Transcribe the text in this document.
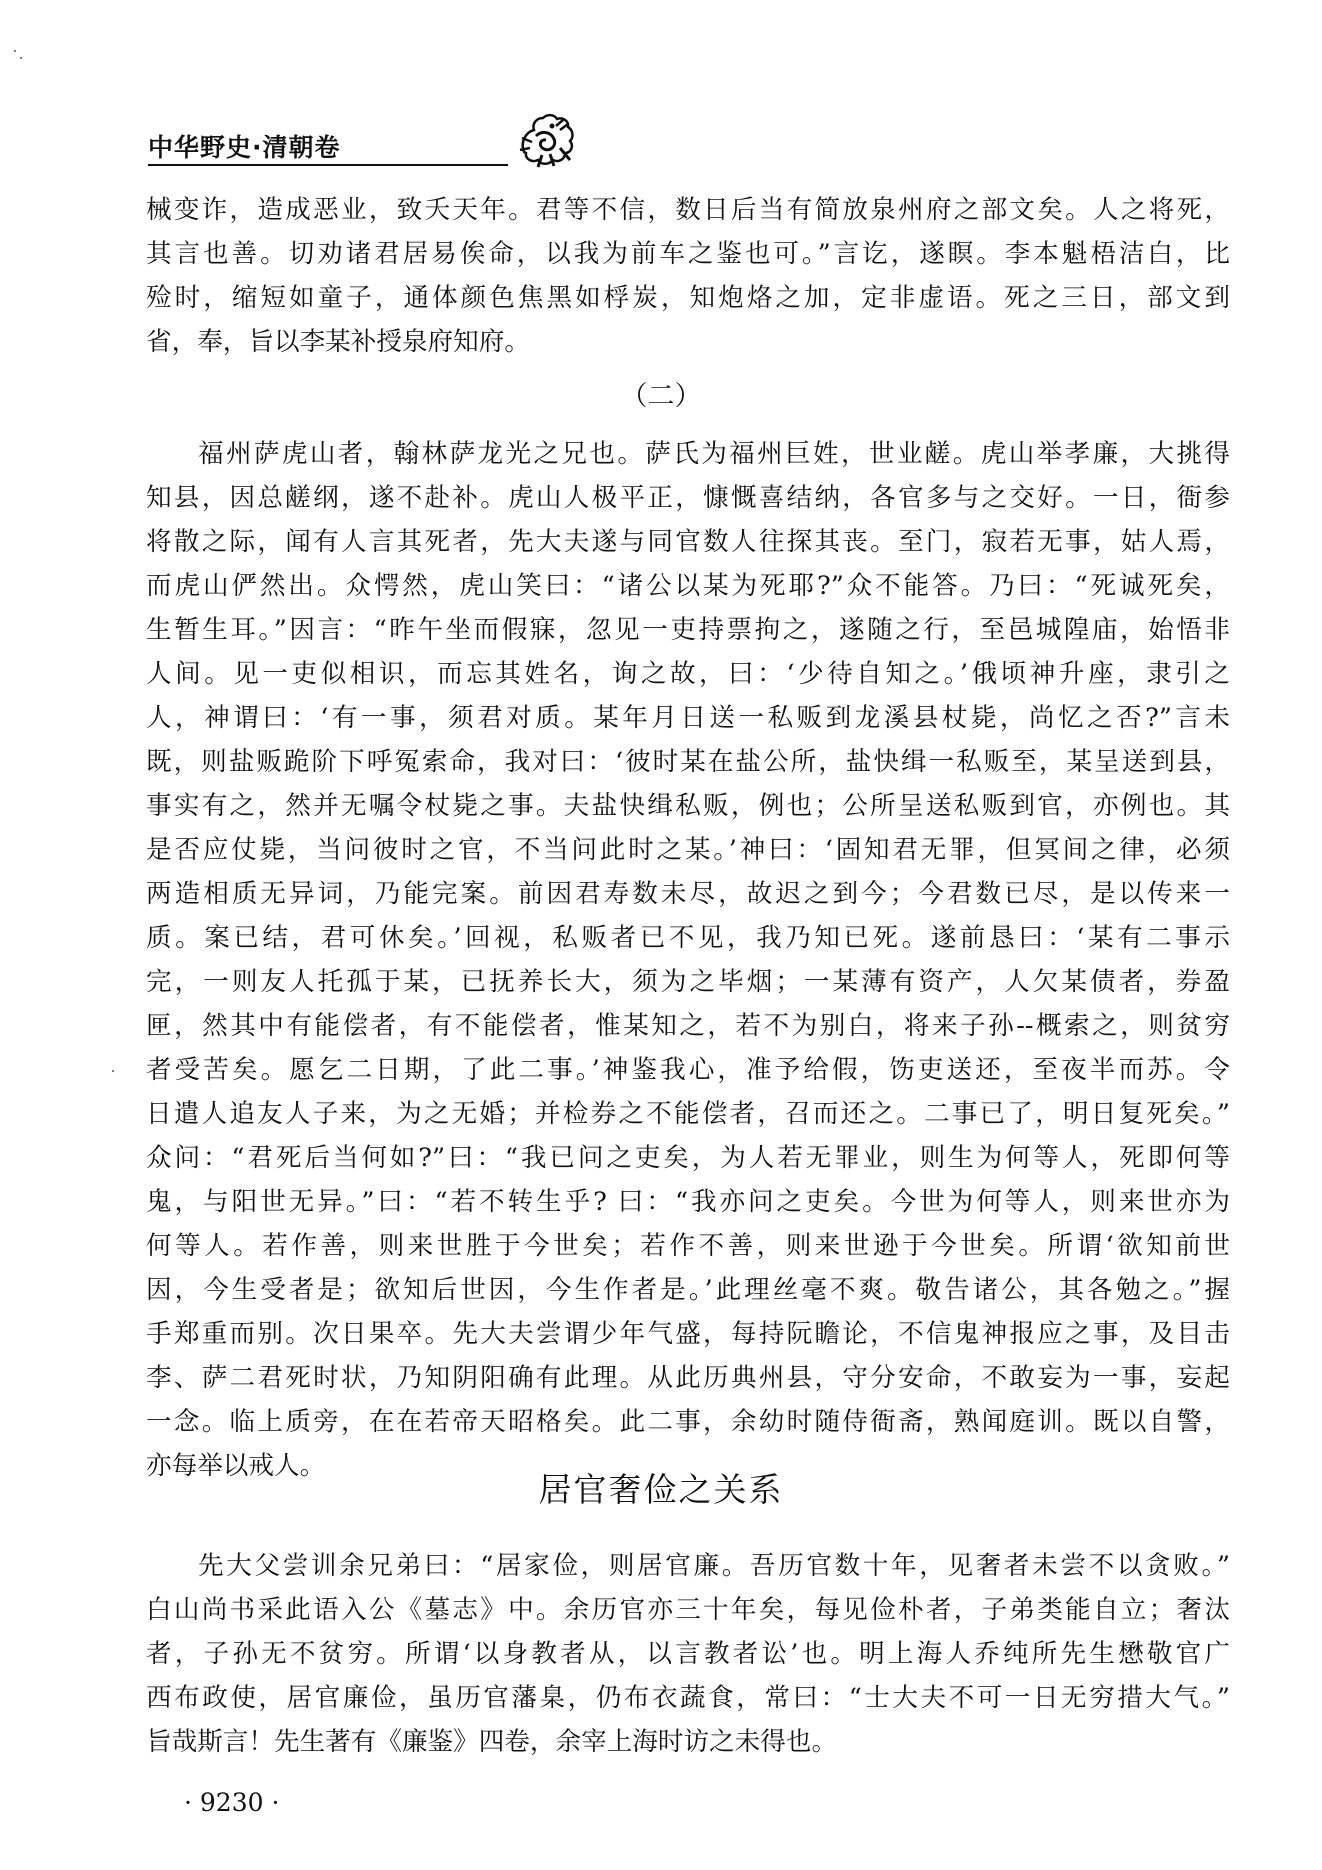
中华野史·清朝卷
械变诈，造成恶业，致夭天年。君等不信，数日后当有简放泉州府之部文矣。人之将死，
其言也善。切劝诸君居易俟命，以我为前车之鉴也可。”言讫，遂瞑。李本魁梧洁白，比
殓时，缩短如童子，通体颜色焦黑如桴炭，知炮烙之加，定非虚语。死之三日，部文到
省，奉，旨以李某补授泉府知府。
（二）
福州萨虎山者，翰林萨龙光之兄也。萨氏为福州巨姓，世业鹾。虎山举孝廉，大挑得
知县，因总鹾纲，遂不赴补。虎山人极平正，慷慨喜结纳，各官多与之交好。一日，衙参
将散之际，闻有人言其死者，先大夫遂与同官数人往探其丧。至门，寂若无事，姑人焉，
而虎山俨然出。众愕然，虎山笑曰：“诸公以某为死耶?”众不能答。乃曰：“死诚死矣，
生暂生耳。”因言：“昨午坐而假寐，忽见一吏持票拘之，遂随之行，至邑城隍庙，始悟非
人间。见一吏似相识，而忘其姓名，询之故，曰：‘少待自知之。’俄顷神升座，隶引之
人，神谓曰：‘有一事，须君对质。某年月日送一私贩到龙溪县杖毙，尚忆之否?”言未
既，则盐贩跪阶下呼冤索命，我对曰：‘彼时某在盐公所，盐快缉一私贩至，某呈送到县，
事实有之，然并无嘱令杖毙之事。夫盐快缉私贩，例也；公所呈送私贩到官，亦例也。其
是否应仗毙，当问彼时之官，不当问此时之某。’神曰：‘固知君无罪，但冥间之律，必须
两造相质无异词，乃能完案。前因君寿数未尽，故迟之到今；今君数已尽，是以传来一
质。案已结，君可休矣。’回视，私贩者已不见，我乃知已死。遂前恳曰：‘某有二事示
完，一则友人托孤于某，已抚养长大，须为之毕烟；一某薄有资产，人欠某债者，券盈
匣，然其中有能偿者，有不能偿者，惟某知之，若不为别白，将来子孙--概索之，则贫穷
者受苦矣。愿乞二日期，了此二事。’神鉴我心，准予给假，饬吏送还，至夜半而苏。令
日遣人追友人子来，为之无婚；并检券之不能偿者，召而还之。二事已了，明日复死矣。”
众问：“君死后当何如?”曰：“我已问之吏矣，为人若无罪业，则生为何等人，死即何等
鬼，与阳世无异。”曰：“若不转生乎? 曰：“我亦问之吏矣。今世为何等人，则来世亦为
何等人。若作善，则来世胜于今世矣；若作不善，则来世逊于今世矣。所谓‘欲知前世
因，今生受者是；欲知后世因，今生作者是。’此理丝毫不爽。敬告诸公，其各勉之。”握
手郑重而别。次日果卒。先大夫尝谓少年气盛，每持阮瞻论，不信鬼神报应之事，及目击
李、萨二君死时状，乃知阴阳确有此理。从此历典州县，守分安命，不敢妄为一事，妄起
一念。临上质旁，在在若帝天昭格矣。此二事，余幼时随侍衙斋，熟闻庭训。既以自警，
亦每举以戒人。
居官奢俭之关系
先大父尝训余兄弟曰：“居家俭，则居官廉。吾历官数十年，见奢者未尝不以贪败。”
白山尚书采此语入公《墓志》中。余历官亦三十年矣，每见俭朴者，子弟类能自立；奢汰
者，子孙无不贫穷。所谓‘以身教者从，以言教者讼’也。明上海人乔纯所先生懋敬官广
西布政使，居官廉俭，虽历官藩臬，仍布衣蔬食，常曰：“士大夫不可一日无穷措大气。”
旨哉斯言！先生著有《廉鉴》四卷，余宰上海时访之未得也。
· 9230 ·
